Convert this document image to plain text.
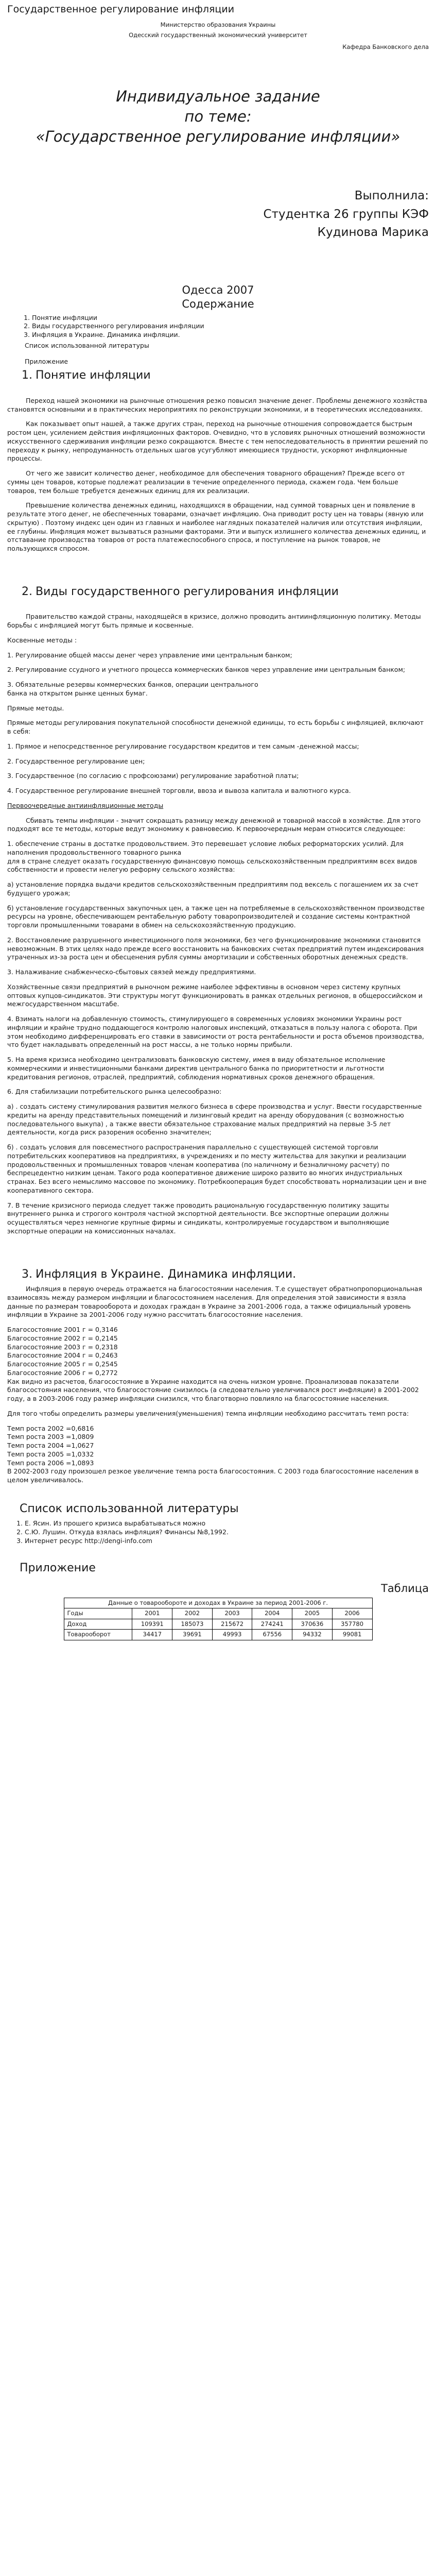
Государственное регулирование инфляции
Министерство образования Украины
Одесский государственный экономический университет
Кафедра Банковского дела
Индивидуальное задание
по теме:
«Государственное регулирование инфляции»
Выполнила:
Студентка 26 группы КЭФ
Кудинова Марика
Одесса 2007
Содержание
1. Понятие инфляции
2. Виды государственного регулирования инфляции
3. Инфляция в Украине. Динамика инфляции.
Список использованной литературы
Приложение
1. Понятие инфляции

Переход нашей экономики на рыночные отношения резко повысил значение денег. Проблемы денежного хозяйства становятся основными и в практических мероприятиях по реконструкции экономики, и в теоретических исследованиях.

Как показывает опыт нашей, а также других стран, переход на рыночные отношения сопровождается быстрым ростом цен, усилением действия инфляционных факторов. Очевидно, что в условиях рыночных отношений возможности искусственного сдерживания инфляции резко сокращаются. Вместе с тем непоследовательность в принятии решений по переходу к рынку, непродуманность отдельных шагов усугубляют имеющиеся трудности, ускоряют инфляционные процессы.

От чего же зависит количество денег, необходимое для обеспечения товарного обращения? Прежде всего от суммы цен товаров, которые подлежат реализации в течение определенного периода, скажем года. Чем больше товаров, тем больше требуется денежных единиц для их реализации.

Превышение количества денежных единиц, находящихся в обращении, над суммой товарных цен и появление в результате этого денег, не обеспеченных товарами, означает инфляцию. Она приводит росту цен на товары (явную или скрытую) . Поэтому индекс цен один из главных и наиболее наглядных показателей наличия или отсутствия инфляции, ее глубины. Инфляция может вызываться разными факторами. Эти и выпуск излишнего количества денежных единиц, и отставание производства товаров от роста платежеспособного спроса, и поступление на рынок товаров, не пользующихся спросом.

2. Виды государственного регулирования инфляции

Правительство каждой страны, находящейся в кризисе, должно проводить антиинфляционную политику. Методы борьбы с инфляцией могут быть прямые и косвенные.

Косвенные методы :

1. Регулирование общей массы денег через управление ими центральным банком;

2. Регулирование ссудного и учетного процесса коммерческих банков через управление ими центральным банком;

3. Обязательные резервы коммерческих банков, операции центрального
банка на открытом рынке ценных бумаг.

Прямые методы.

Прямые методы регулирования покупательной способности денежной единицы, то есть борьбы с инфляцией, включают в себя:

1. Прямое и непосредственное регулирование государством кредитов и тем самым -денежной массы;

2. Государственное регулирование цен;

3. Государственное (по согласию с профсоюзами) регулирование заработной платы;

4. Государственное регулирование внешней торговли, ввоза и вывоза капитала и валютного курса.

Первоочередные антиинфляционные методы

Сбивать темпы инфляции - значит сокращать разницу между денежной и товарной массой в хозяйстве. Для этого подходят все те методы, которые ведут экономику к равновесию. К первоочередным мерам относится следующее:

1. обеспечение страны в достатке продовольствием. Это перевешает условие любых реформаторских усилий. Для наполнения продовольственного товарного рынка
для в стране следует оказать государственную финансовую помощь сельскохозяйственным предприятиям всех видов собственности и провести нелегую реформу сельского хозяйства:

а) установление порядка выдачи кредитов сельскохозяйственным предприятиям под вексель с погашением их за счет будущего урожая;

б) установление государственных закупочных цен, а также цен на потребляемые в сельскохозяйственном производстве ресурсы на уровне, обеспечивающем рентабельную работу товаропроизводителей и создание системы контрактной торговли промышленными товарами в обмен на сельскохозяйственную продукцию.

2. Восстановление разрушенного инвестиционного поля экономики, без чего функционирование экономики становится невозможным. В этих целях надо прежде всего восстановить на банковских счетах предприятий путем индексирования утраченных из-за роста цен и обесценения рубля суммы амортизации и собственных оборотных денежных средств.

3. Налаживание снабженческо-сбытовых связей между предприятиями.

Хозяйственные связи предприятий в рыночном режиме наиболее эффективны в основном через систему крупных оптовых купцов-синдикатов. Эти структуры могут функционировать в рамках отдельных регионов, в общероссийском и межгосударственном масштабе.

4. Взимать налоги на добавленную стоимость, стимулирующего в современных условиях экономики Украины рост инфляции и крайне трудно поддающегося контролю налоговых инспекций, отказаться в пользу налога с оборота. При этом необходимо дифференцировать его ставки в зависимости от роста рентабельности и роста объемов производства, что будет накладывать определенный на рост массы, а не только нормы прибыли.

5. На время кризиса необходимо централизовать банковскую систему, имея в виду обязательное исполнение коммерческими и инвестиционными банками директив центрального банка по приоритетности и льготности кредитования регионов, отраслей, предприятий, соблюдения нормативных сроков денежного обращения.

6. Для стабилизации потребительского рынка целесообразно:

а) . создать систему стимулирования развития мелкого бизнеса в сфере производства и услуг. Ввести государственные кредиты на аренду представительных помещений и лизинговый кредит на аренду оборудования (с возможностью последовательного выкупа) , а также ввести обязательное страхование малых предприятий на первые 3-5 лет деятельности, когда риск разорения особенно значителен;

б) . создать условия для повсеместного распространения параллельно с существующей системой торговли потребительских кооперативов на предприятиях, в учреждениях и по месту жительства для закупки и реализации продовольственных и промышленных товаров членам кооператива (по наличному и безналичному расчету) по беспрецедентно низким ценам. Такого рода кооперативное движение широко развито во многих индустриальных странах. Без всего немыслимо массовое по экономику. Потребкооперация будет способствовать нормализации цен и вне кооперативного сектора.

7. В течение кризисного периода следует также проводить рациональную государственную политику защиты внутреннего рынка и строгого контроля частной экспортной деятельности. Все экспортные операции должны осуществляться через немногие крупные фирмы и синдикаты, контролируемые государством и выполняющие экспортные операции на комиссионных началах.

3. Инфляция в Украине. Динамика инфляции.

Инфляция в первую очередь отражается на благосостоянии населения. Т.е существует обратнопропорциональная взаимосвязь между размером инфляции и благосостоянием населения. Для определения этой зависимости я взяла данные по размерам товарооборота и доходах граждан в Украине за 2001-2006 года, а также официальный уровень инфляции в Украине за 2001-2006 году нужно рассчитать благосостояние населения.

Благосостояние 2001 г = 0,3146

Благосостояние 2002 г = 0,2145

Благосостояние 2003 г = 0,2318

Благосостояние 2004 г = 0,2463

Благосостояние 2005 г = 0,2545

Благосостояние 2006 г = 0,2772

Как видно из расчетов, благосостояние в Украине находится на очень низком уровне. Проанализовав показатели благосостояния населения, что благосостояние снизилось (а следовательно увеличивался рост инфляции) в 2001-2002 году, а в 2003-2006 году размер инфляции снизился, что благотворно повлияло на благосостояние населения.

Для того чтобы определить размеры увеличения(уменьшения) темпа инфляции необходимо рассчитать темп роста:

Темп роста 2002 =0,6816

Темп роста 2003 =1,0809

Темп роста 2004 =1,0627

Темп роста 2005 =1,0332

Темп роста 2006 =1,0893

В 2002-2003 году произошел резкое увеличение темпа роста благосостояния. С 2003 года благосостояние населения в целом увеличивалось.

Список использованной литературы
1. Е. Ясин. Из прошего кризиса вырабатываться можно
2. С.Ю. Лушин. Откуда взялась инфляция? Финансы №8,1992.
3. Интернет ресурс http://dengi-info.com
Приложение
Таблица
Данные о товарообороте и доходах в Украине за период 2001-2006 г.						
Годы	2001	2002	2003	2004	2005	2006
Доход	109391	185073	215672	274241	370636	357780
Товарооборот	34417	39691	49993	67556	94332	99081
